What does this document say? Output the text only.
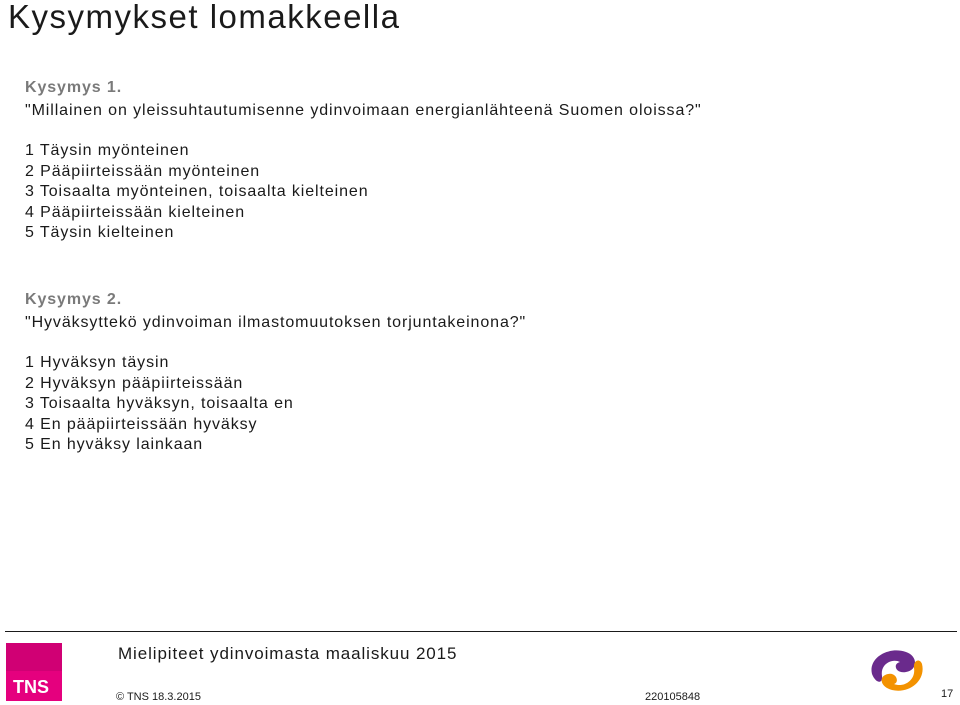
Kysymykset lomakkeella
Kysymys 1.
"Millainen on yleissuhtautumisenne ydinvoimaan energianlähteenä Suomen oloissa?"
1 Täysin myönteinen
2 Pääpiirteissään myönteinen
3 Toisaalta myönteinen, toisaalta kielteinen
4 Pääpiirteissään kielteinen
5 Täysin kielteinen
Kysymys 2.
"Hyväksyttekö ydinvoiman ilmastomuutoksen torjuntakeinona?"
1 Hyväksyn täysin
2 Hyväksyn pääpiirteissään
3 Toisaalta hyväksyn, toisaalta en
4 En pääpiirteissään hyväksy
5 En hyväksy lainkaan
TNS
Mielipiteet ydinvoimasta maaliskuu 2015
© TNS 18.3.2015	220105848	17
